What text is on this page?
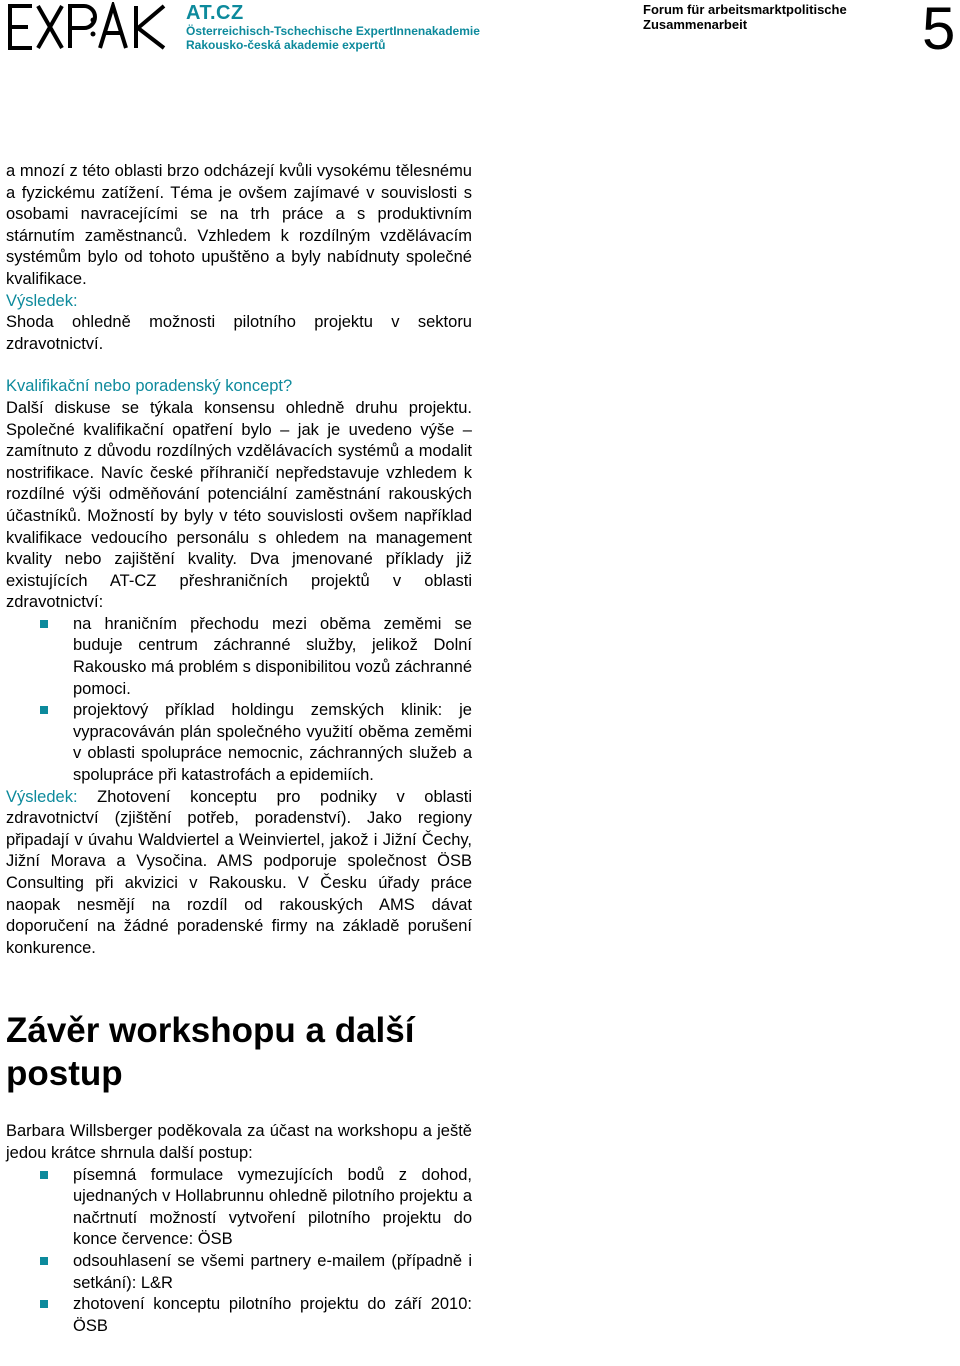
AT.CZ
Österreichisch-Tschechische ExpertInnenakademie
Rakousko-česká akademie expertů
Forum für arbeitsmarktpolitische Zusammenarbeit	5

a mnozí z této oblasti brzo odcházejí kvůli vysokému tělesnému a fyzickému zatížení. Téma je ovšem zajímavé v souvislosti s osobami navracejícími se na trh práce a s produktivním stárnutím zaměstnanců. Vzhledem k rozdílným vzdělávacím systémům bylo od tohoto upuštěno a byly nabídnuty společné kvalifikace.

Výsledek:
Shoda ohledně možnosti pilotního projektu v sektoru zdravotnictví.

Kvalifikační nebo poradenský koncept?

Další diskuse se týkala konsensu ohledně druhu projektu. Společné kvalifikační opatření bylo – jak je uvedeno výše – zamítnuto z důvodu rozdílných vzdělávacích systémů a modalit nostrifikace. Navíc české příhraničí nepředstavuje vzhledem k rozdílné výši odměňování potenciální zaměstnání rakouských účastníků. Možností by byly v této souvislosti ovšem například kvalifikace vedoucího personálu s ohledem na management kvality nebo zajištění kvality. Dva jmenované příklady již existujících AT-CZ přeshraničních projektů v oblasti zdravotnictví:

na hraničním přechodu mezi oběma zeměmi se buduje centrum záchranné služby, jelikož Dolní Rakousko má problém s disponibilitou vozů záchranné pomoci.
projektový příklad holdingu zemských klinik: je vypracováván plán společného využití oběma zeměmi v oblasti spolupráce nemocnic, záchranných služeb a spolupráce při katastrofách a epidemiích.

Výsledek: Zhotovení konceptu pro podniky v oblasti zdravotnictví (zjištění potřeb, poradenství). Jako regiony připadají v úvahu Waldviertel a Weinviertel, jakož i Jižní Čechy, Jižní Morava a Vysočina. AMS podporuje společnost ÖSB Consulting při akvizici v Rakousku. V Česku úřady práce naopak nesmějí na rozdíl od rakouských AMS dávat doporučení na žádné poradenské firmy na základě porušení konkurence.

Závěr workshopu a další postup

Barbara Willsberger poděkovala za účast na workshopu a ještě jedou krátce shrnula další postup:

písemná formulace vymezujících bodů z dohod, ujednaných v Hollabrunnu ohledně pilotního projektu a načrtnutí možností vytvoření pilotního projektu do konce července: ÖSB
odsouhlasení se všemi partnery e-mailem (případně i setkání): L&R
zhotovení konceptu pilotního projektu do září 2010: ÖSB
